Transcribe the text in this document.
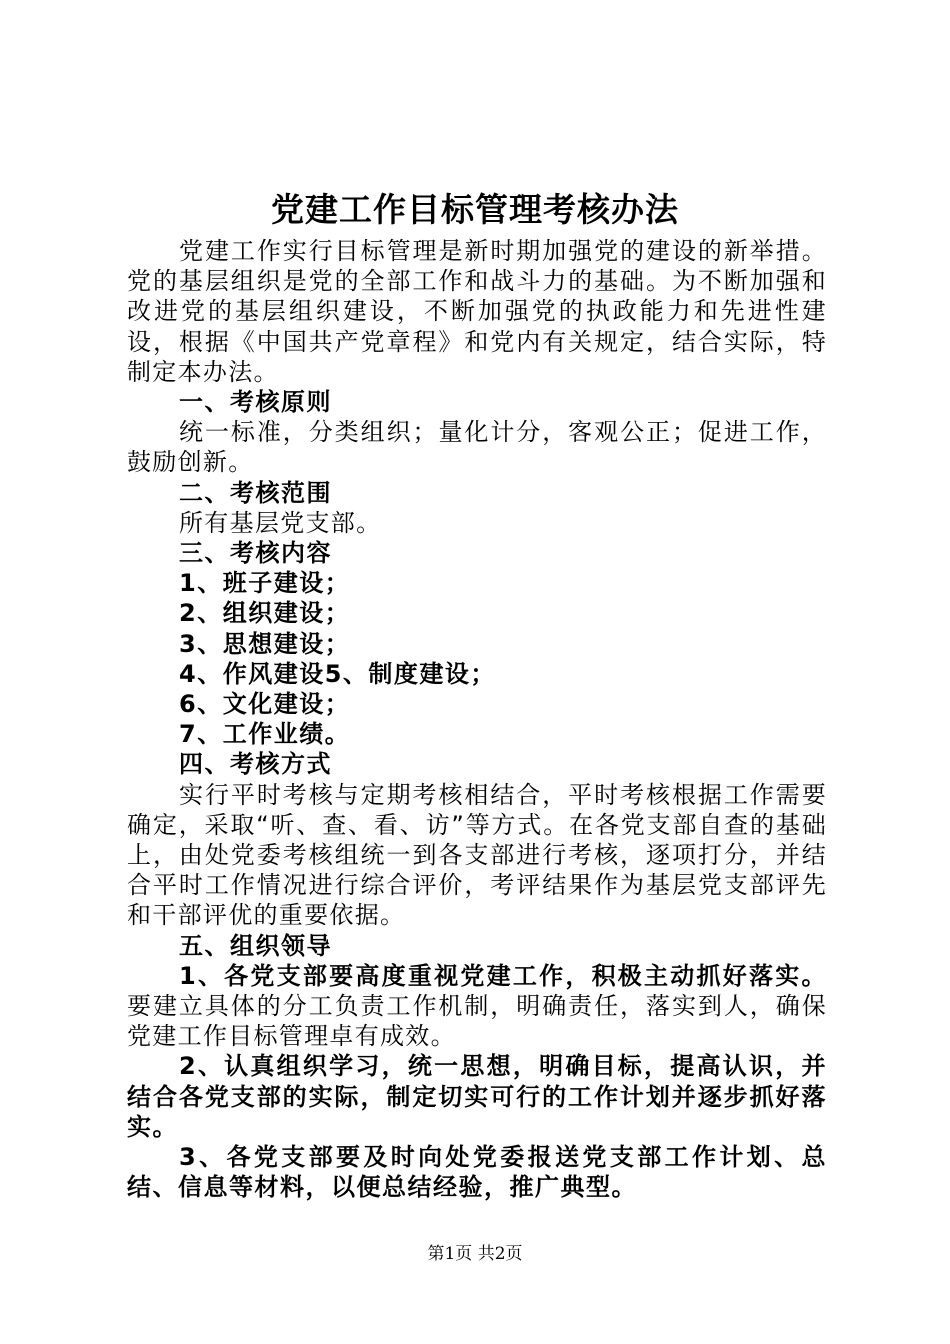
党建工作目标管理考核办法

党建工作实行目标管理是新时期加强党的建设的新举措。党的基层组织是党的全部工作和战斗力的基础。为不断加强和改进党的基层组织建设，不断加强党的执政能力和先进性建设，根据《中国共产党章程》和党内有关规定，结合实际，特制定本办法。

一、考核原则

统一标准，分类组织；量化计分，客观公正；促进工作，鼓励创新。

二、考核范围

所有基层党支部。

三、考核内容

1、班子建设；

2、组织建设；

3、思想建设；

4、作风建设5、制度建设；

6、文化建设；

7、工作业绩。

四、考核方式

实行平时考核与定期考核相结合，平时考核根据工作需要确定，采取“听、查、看、访”等方式。在各党支部自查的基础上，由处党委考核组统一到各支部进行考核，逐项打分，并结合平时工作情况进行综合评价，考评结果作为基层党支部评先和干部评优的重要依据。

五、组织领导

1、各党支部要高度重视党建工作，积极主动抓好落实。要建立具体的分工负责工作机制，明确责任，落实到人，确保党建工作目标管理卓有成效。

2、认真组织学习，统一思想，明确目标，提高认识，并结合各党支部的实际，制定切实可行的工作计划并逐步抓好落实。

3、各党支部要及时向处党委报送党支部工作计划、总结、信息等材料，以便总结经验，推广典型。

第1页 共2页
